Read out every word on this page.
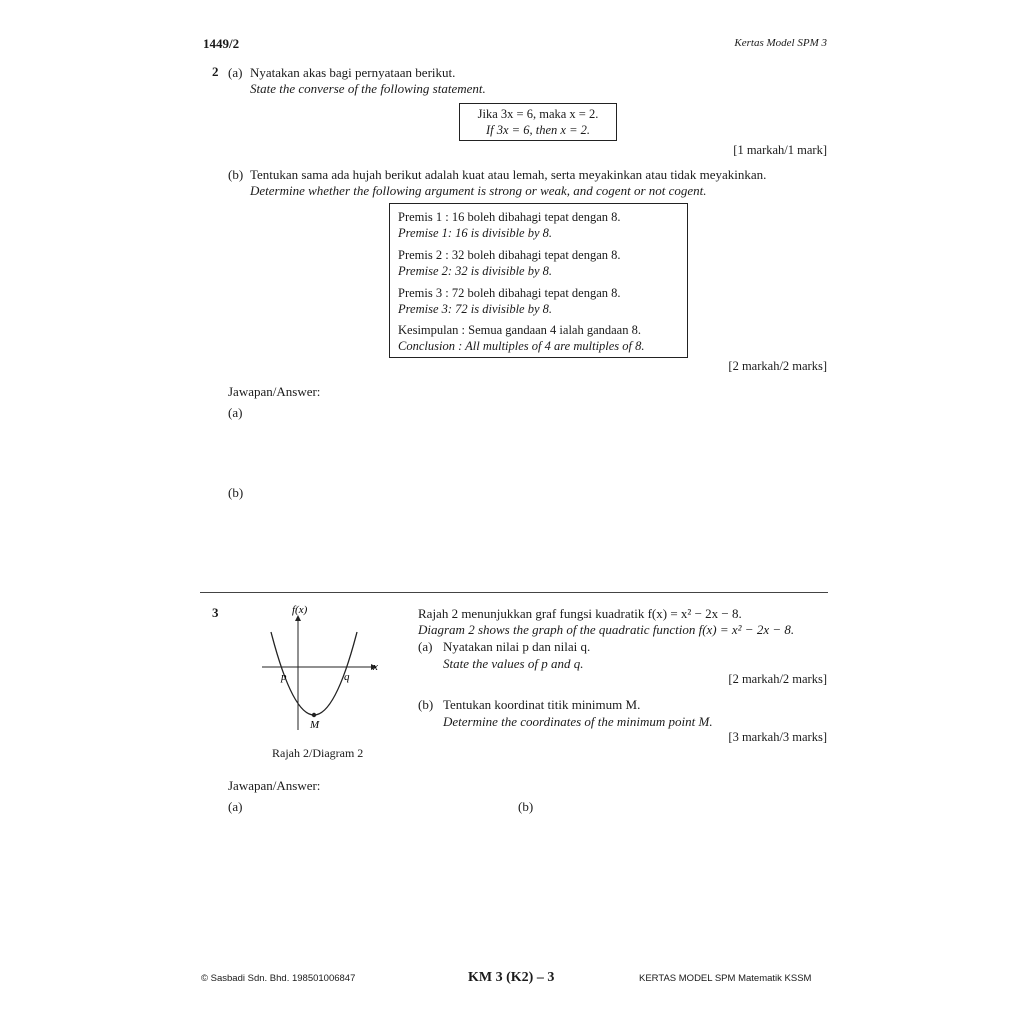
1449/2	Kertas Model SPM 3
2 (a) Nyatakan akas bagi pernyataan berikut.
State the converse of the following statement.
Jika 3x = 6, maka x = 2.
If 3x = 6, then x = 2.
[1 markah/1 mark]
(b) Tentukan sama ada hujah berikut adalah kuat atau lemah, serta meyakinkan atau tidak meyakinkan.
Determine whether the following argument is strong or weak, and cogent or not cogent.
Premis 1 : 16 boleh dibahagi tepat dengan 8.
Premise 1: 16 is divisible by 8.
Premis 2 : 32 boleh dibahagi tepat dengan 8.
Premise 2: 32 is divisible by 8.
Premis 3 : 72 boleh dibahagi tepat dengan 8.
Premise 3: 72 is divisible by 8.
Kesimpulan : Semua gandaan 4 ialah gandaan 8.
Conclusion : All multiples of 4 are multiples of 8.
[2 markah/2 marks]
Jawapan/Answer:
(a)
(b)
3	f(x)
x
p	q
M
Rajah 2/Diagram 2
Rajah 2 menunjukkan graf fungsi kuadratik f(x) = x² − 2x − 8.
Diagram 2 shows the graph of the quadratic function f(x) = x² − 2x − 8.
(a) Nyatakan nilai p dan nilai q.
State the values of p and q.
[2 markah/2 marks]
(b) Tentukan koordinat titik minimum M.
Determine the coordinates of the minimum point M.
[3 markah/3 marks]
Jawapan/Answer:
(a)	(b)
© Sasbadi Sdn. Bhd. 198501006847	KM 3 (K2) – 3	KERTAS MODEL SPM Matematik KSSM
